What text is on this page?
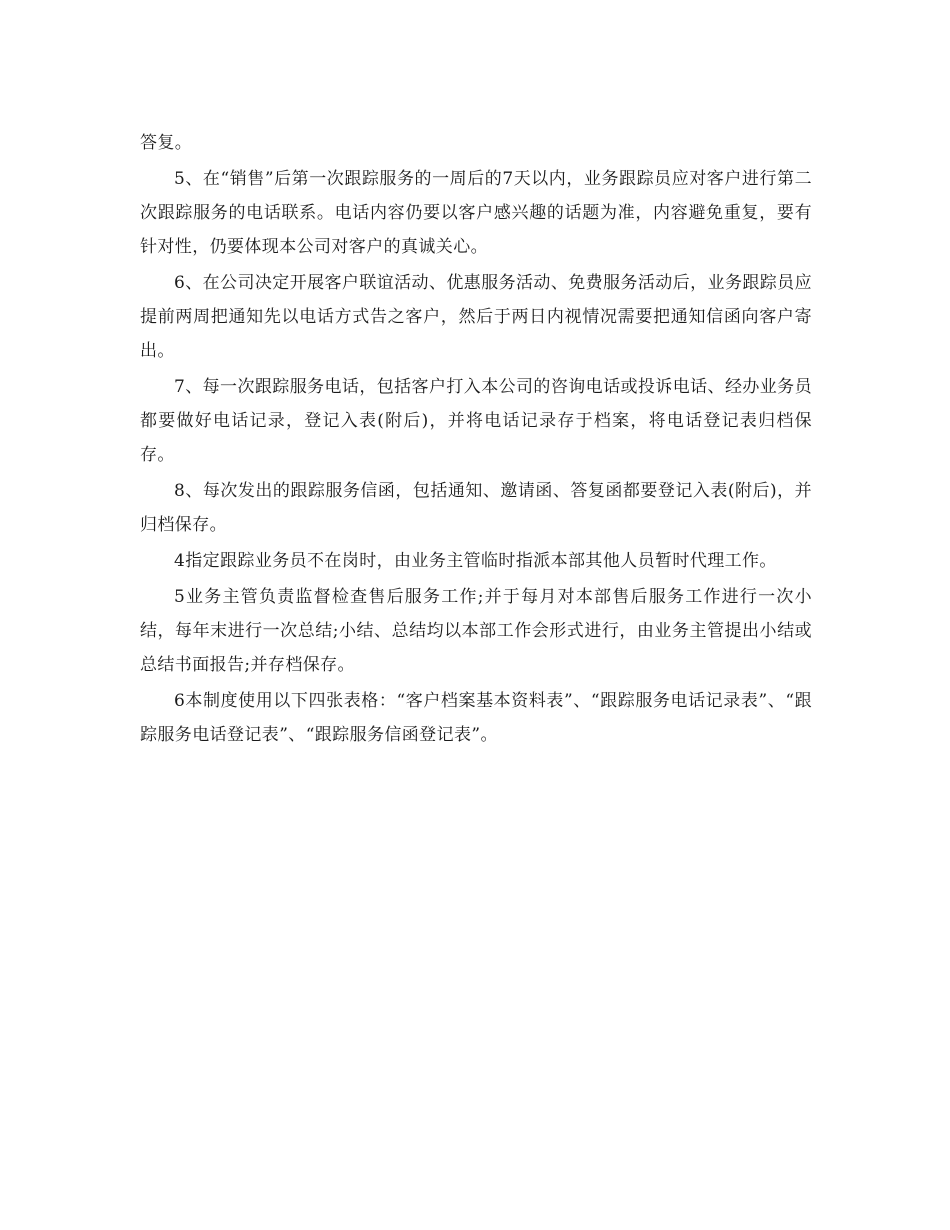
答复。

5、在“销售”后第一次跟踪服务的一周后的7天以内，业务跟踪员应对客户进行第二次跟踪服务的电话联系。电话内容仍要以客户感兴趣的话题为准，内容避免重复，要有针对性，仍要体现本公司对客户的真诚关心。

6、在公司决定开展客户联谊活动、优惠服务活动、免费服务活动后，业务跟踪员应提前两周把通知先以电话方式告之客户，然后于两日内视情况需要把通知信函向客户寄出。

7、每一次跟踪服务电话，包括客户打入本公司的咨询电话或投诉电话、经办业务员都要做好电话记录，登记入表(附后)，并将电话记录存于档案，将电话登记表归档保存。

8、每次发出的跟踪服务信函，包括通知、邀请函、答复函都要登记入表(附后)，并归档保存。

4指定跟踪业务员不在岗时，由业务主管临时指派本部其他人员暂时代理工作。

5业务主管负责监督检查售后服务工作;并于每月对本部售后服务工作进行一次小结，每年末进行一次总结;小结、总结均以本部工作会形式进行，由业务主管提出小结或总结书面报告;并存档保存。

6本制度使用以下四张表格：“客户档案基本资料表”、“跟踪服务电话记录表”、“跟踪服务电话登记表”、“跟踪服务信函登记表”。
